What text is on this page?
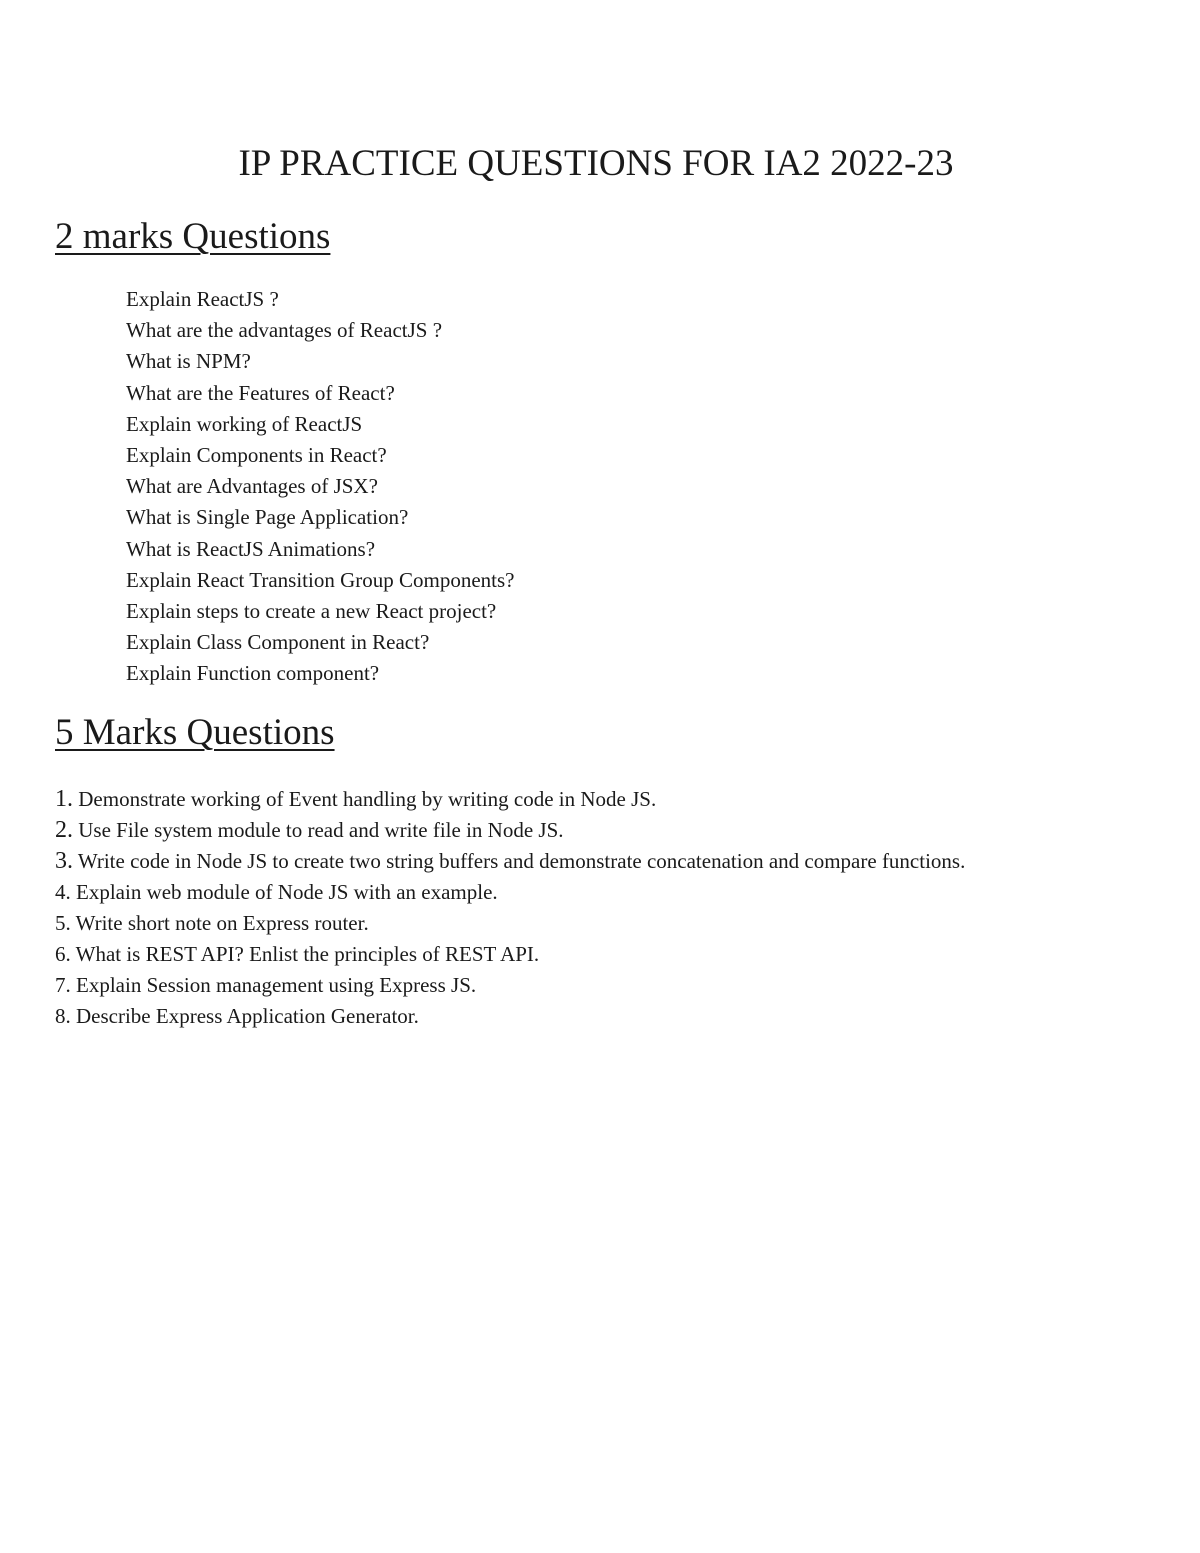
IP PRACTICE QUESTIONS FOR IA2 2022-23
2 marks Questions
Explain ReactJS ?
What are the advantages of ReactJS ?
What is NPM?
What are the Features of React?
Explain working of ReactJS
Explain Components in React?
What are Advantages of JSX?
What is Single Page Application?
What is ReactJS Animations?
Explain React Transition Group Components?
Explain steps to create a new React project?
Explain Class Component in React?
Explain Function component?
5 Marks Questions
1. Demonstrate working of Event handling by writing code in Node JS.
2. Use File system module to read and write file in Node JS.
3. Write code in Node JS to create two string buffers and demonstrate concatenation and compare functions.
4. Explain web module of Node JS with an example.
5. Write short note on Express router.
6. What is REST API? Enlist the principles of REST API.
7. Explain Session management using Express JS.
8. Describe Express Application Generator.
